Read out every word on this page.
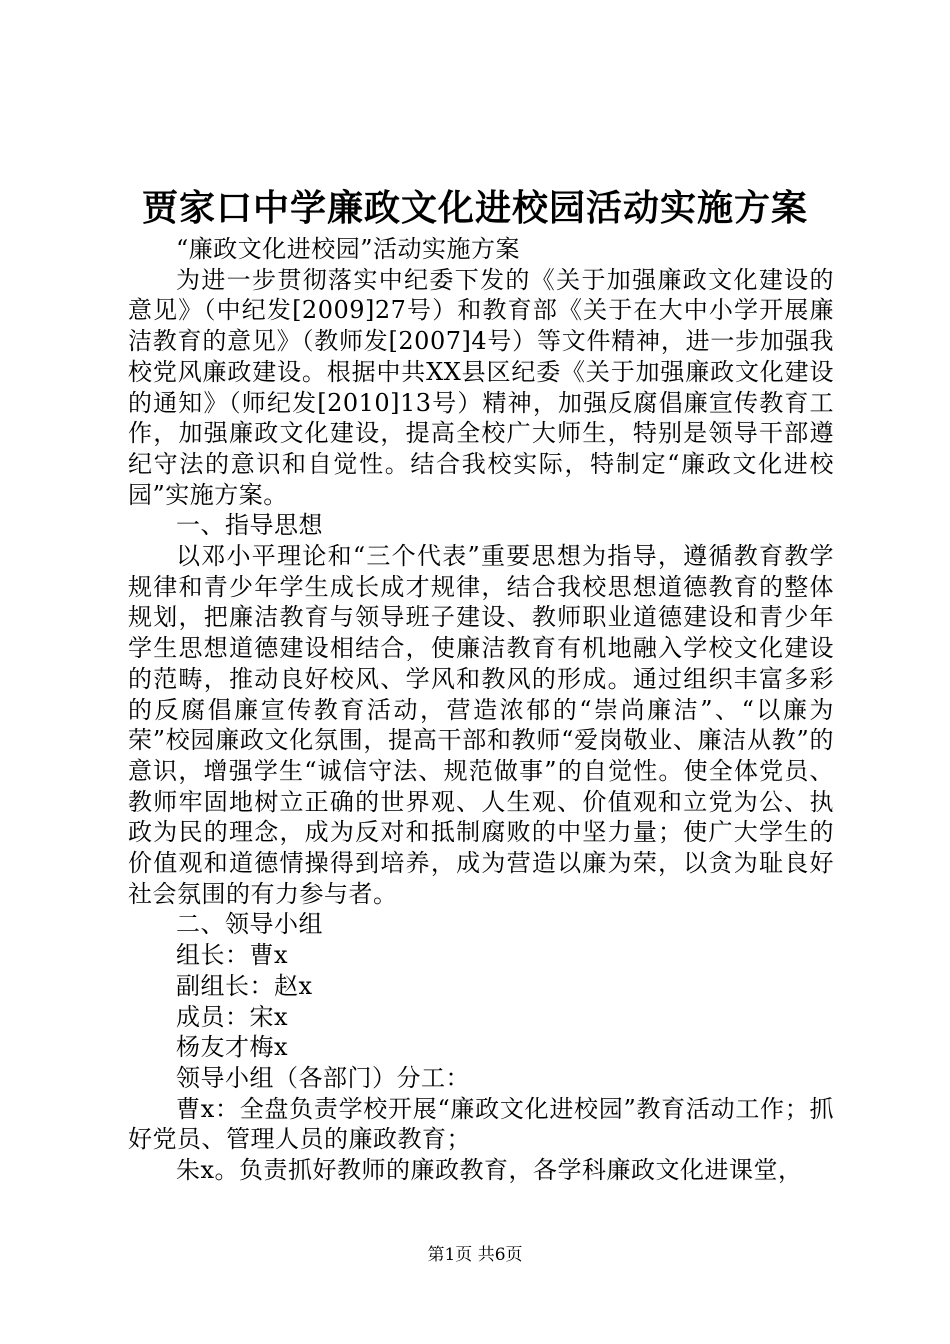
贾家口中学廉政文化进校园活动实施方案

“廉政文化进校园”活动实施方案

为进一步贯彻落实中纪委下发的《关于加强廉政文化建设的意见》（中纪发[2009]27号）和教育部《关于在大中小学开展廉洁教育的意见》（教师发[2007]4号）等文件精神，进一步加强我校党风廉政建设。根据中共XX县区纪委《关于加强廉政文化建设的通知》（师纪发[2010]13号）精神，加强反腐倡廉宣传教育工作，加强廉政文化建设，提高全校广大师生，特别是领导干部遵纪守法的意识和自觉性。结合我校实际，特制定“廉政文化进校园”实施方案。

一、指导思想

以邓小平理论和“三个代表”重要思想为指导，遵循教育教学规律和青少年学生成长成才规律，结合我校思想道德教育的整体规划，把廉洁教育与领导班子建设、教师职业道德建设和青少年学生思想道德建设相结合，使廉洁教育有机地融入学校文化建设的范畴，推动良好校风、学风和教风的形成。通过组织丰富多彩的反腐倡廉宣传教育活动，营造浓郁的“崇尚廉洁”、“以廉为荣”校园廉政文化氛围，提高干部和教师“爱岗敬业、廉洁从教”的意识，增强学生“诚信守法、规范做事”的自觉性。使全体党员、教师牢固地树立正确的世界观、人生观、价值观和立党为公、执政为民的理念，成为反对和抵制腐败的中坚力量；使广大学生的价值观和道德情操得到培养，成为营造以廉为荣，以贪为耻良好社会氛围的有力参与者。

二、领导小组

组长：曹x

副组长：赵x

成员：宋x

杨友才梅x

领导小组（各部门）分工：

曹x：全盘负责学校开展“廉政文化进校园”教育活动工作；抓好党员、管理人员的廉政教育；

朱x。负责抓好教师的廉政教育，各学科廉政文化进课堂，

第1页 共6页
